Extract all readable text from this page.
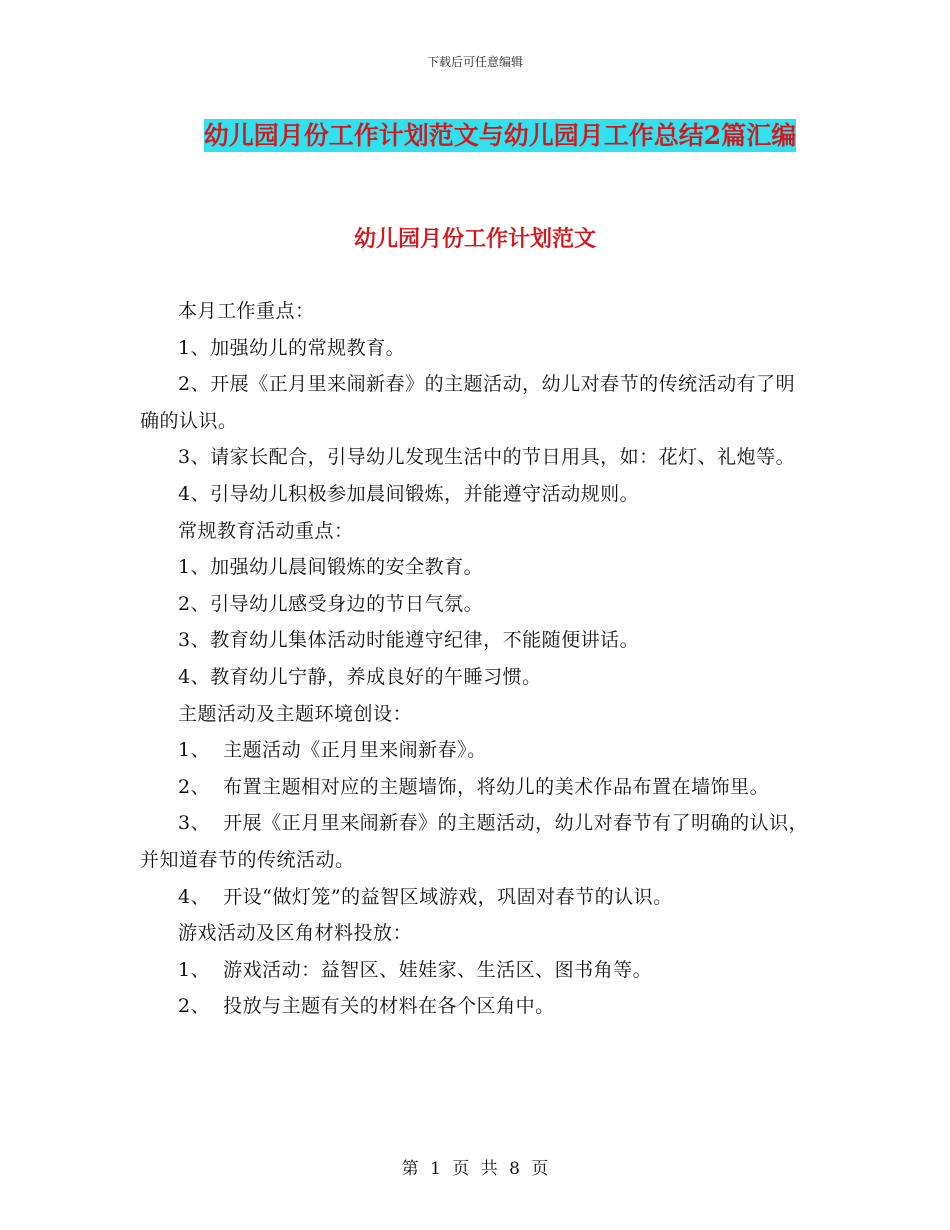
下载后可任意编辑
幼儿园月份工作计划范文与幼儿园月工作总结2篇汇编
幼儿园月份工作计划范文

本月工作重点：

1、加强幼儿的常规教育。

2、开展《正月里来闹新春》的主题活动，幼儿对春节的传统活动有了明确的认识。

3、请家长配合，引导幼儿发现生活中的节日用具，如：花灯、礼炮等。

4、引导幼儿积极参加晨间锻炼，并能遵守活动规则。

常规教育活动重点：

1、加强幼儿晨间锻炼的安全教育。

2、引导幼儿感受身边的节日气氛。

3、教育幼儿集体活动时能遵守纪律，不能随便讲话。

4、教育幼儿宁静，养成良好的午睡习惯。

主题活动及主题环境创设：

1、  主题活动《正月里来闹新春》。

2、  布置主题相对应的主题墙饰，将幼儿的美术作品布置在墙饰里。

3、  开展《正月里来闹新春》的主题活动，幼儿对春节有了明确的认识，并知道春节的传统活动。

4、  开设“做灯笼”的益智区域游戏，巩固对春节的认识。

游戏活动及区角材料投放：

1、  游戏活动：益智区、娃娃家、生活区、图书角等。

2、  投放与主题有关的材料在各个区角中。

第 1 页 共 8 页
